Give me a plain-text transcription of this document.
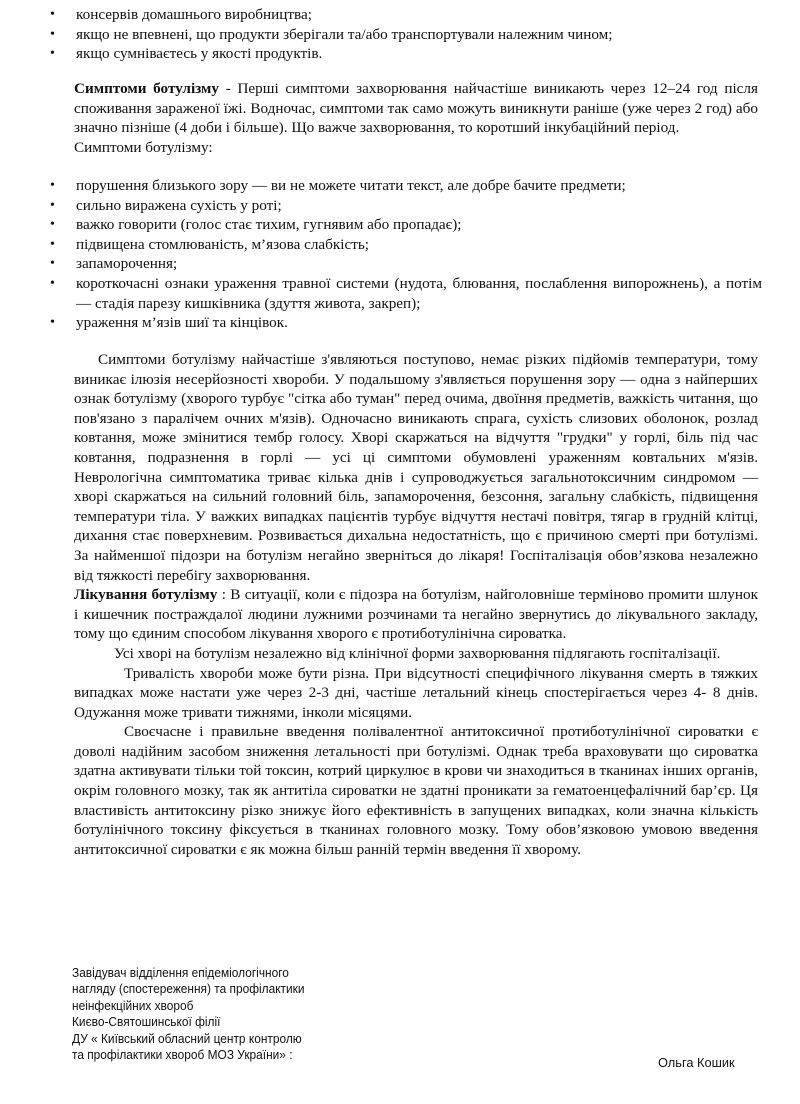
• консервів домашнього виробництва;
• якщо не впевнені, що продукти зберігали та/або транспортували належним чином;
• якщо сумніваєтесь у якості продуктів.

Симптоми ботулізму - Перші симптоми захворювання найчастіше виникають через 12–24 год після споживання зараженої їжі. Водночас, симптоми так само можуть виникнути раніше (уже через 2 год) або значно пізніше (4 доби і більше). Що важче захворювання, то коротший інкубаційний період.

Симптоми ботулізму:

• порушення близького зору — ви не можете читати текст, але добре бачите предмети;
• сильно виражена сухість у роті;
• важко говорити (голос стає тихим, гугнявим або пропадає);
• підвищена стомлюваність, м’язова слабкість;
• запаморочення;
• короткочасні ознаки ураження травної системи (нудота, блювання, послаблення випорожнень), а потім — стадія парезу кишківника (здуття живота, закреп);
• ураження м’язів шиї та кінцівок.

Симптоми ботулізму найчастіше з'являються поступово, немає різких підйомів температури, тому виникає ілюзія несерйозності хвороби. У подальшому з'являється порушення зору — одна з найперших ознак ботулізму (хворого турбує "сітка або туман" перед очима, двоїння предметів, важкість читання, що пов'язано з паралічем очних м'язів). Одночасно виникають спрага, сухість слизових оболонок, розлад ковтання, може змінитися тембр голосу. Хворі скаржаться на відчуття "грудки" у горлі, біль під час ковтання, подразнення в горлі — усі ці симптоми обумовлені ураженням ковтальних м'язів. Неврологічна симптоматика триває кілька днів і супроводжується загальнотоксичним синдромом — хворі скаржаться на сильний головний біль, запаморочення, безсоння, загальну слабкість, підвищення температури тіла. У важких випадках пацієнтів турбує відчуття нестачі повітря, тягар в грудній клітці, дихання стає поверхневим. Розвивається дихальна недостатність, що є причиною смерті при ботулізмі. За найменшої підозри на ботулізм негайно зверніться до лікаря! Госпіталізація обов’язкова незалежно від тяжкості перебігу захворювання.

Лікування ботулізму : В ситуації, коли є підозра на ботулізм, найголовніше терміново промити шлунок і кишечник постраждалої людини лужними розчинами та негайно звернутись до лікувального закладу, тому що єдиним способом лікування хворого є протиботулінічна сироватка.

Усі хворі на ботулізм незалежно від клінічної форми захворювання підлягають госпіталізації.

Тривалість хвороби може бути різна. При відсутності специфічного лікування смерть в тяжких випадках може настати уже через 2-3 дні, частіше летальний кінець спостерігається через 4- 8 днів. Одужання може тривати тижнями, інколи місяцями.

Своєчасне і правильне введення полівалентної антитоксичної протиботулінічної сироватки є доволі надійним засобом зниження летальності при ботулізмі. Однак треба враховувати що сироватка здатна активувати тільки той токсин, котрий циркулює в крови чи знаходиться в тканинах інших органів, окрім головного мозку, так як антитіла сироватки не здатні проникати за гематоенцефалічний бар’єр. Ця властивість антитоксину різко знижує його ефективність в запущених випадках, коли значна кількість ботулінічного токсину фіксується в тканинах головного мозку. Тому обов’язковою умовою введення антитоксичної сироватки є як можна більш ранній термін введення її хворому.

Завідувач відділення епідеміологічного
нагляду (спостереження) та профілактики
неінфекційних хвороб
Києво-Святошинської філії
ДУ « Київський обласний центр контролю
та профілактики хвороб МОЗ України» :
Ольга Кошик
